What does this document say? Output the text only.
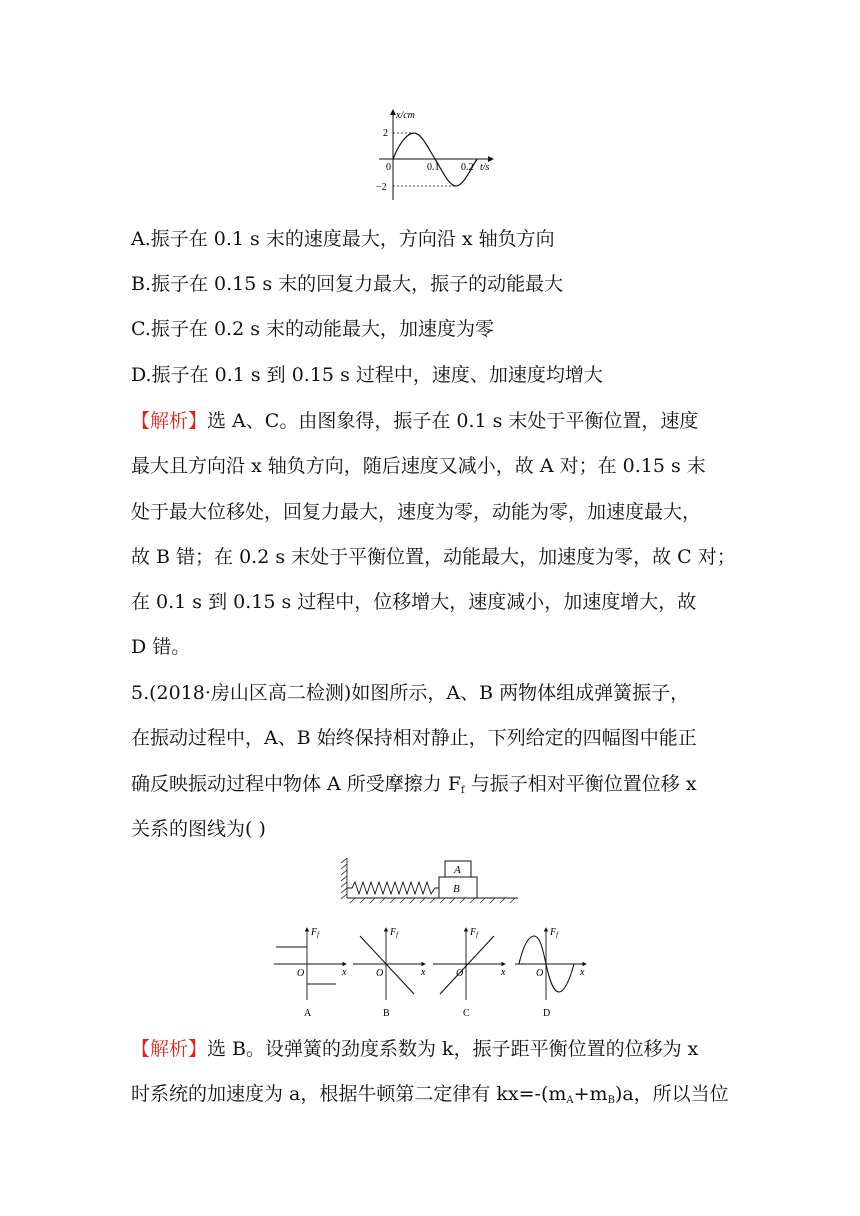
x/cm
t/s
2
−2
0	0.1 0.2
A.振子在 0.1 s 末的速度最大，方向沿 x 轴负方向
B.振子在 0.15 s 末的回复力最大，振子的动能最大
C.振子在 0.2 s 末的动能最大，加速度为零
D.振子在 0.1 s 到 0.15 s 过程中，速度、加速度均增大
【解析】选 A、C。由图象得，振子在 0.1 s 末处于平衡位置，速度
最大且方向沿 x 轴负方向，随后速度又减小，故 A 对；在 0.15 s 末
处于最大位移处，回复力最大，速度为零，动能为零，加速度最大，
故 B 错；在 0.2 s 末处于平衡位置，动能最大，加速度为零，故 C 对；
在 0.1 s 到 0.15 s 过程中，位移增大，速度减小，加速度增大，故
D 错。
5.(2018·房山区高二检测)如图所示，A、B 两物体组成弹簧振子，
在振动过程中，A、B 始终保持相对静止，下列给定的四幅图中能正
确反映振动过程中物体 A 所受摩擦力 $F_f$ 与振子相对平衡位置位移 x
关系的图线为( )
A
B
F f
O	x
A
F f
O	x
B
F f
O	x
C
F f
O	x
D
【解析】选 B。设弹簧的劲度系数为 k，振子距平衡位置的位移为 x
时系统的加速度为 a，根据牛顿第二定律有 $kx=-(m_A+m_B)a$，所以当位
